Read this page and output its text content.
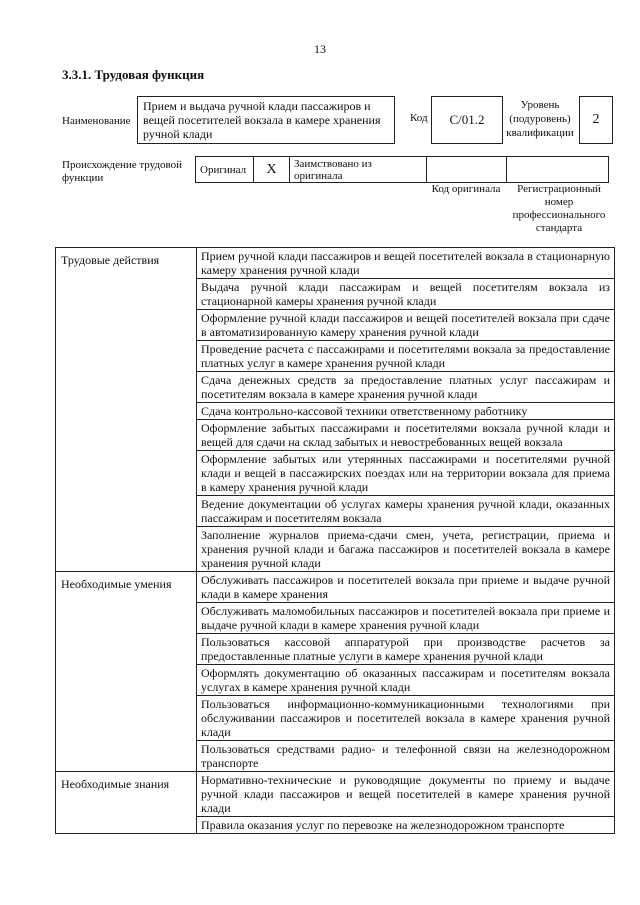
13
3.3.1. Трудовая функция
Наименование
Прием и выдача ручной клади пассажиров и вещей посетителей вокзала в камере хранения ручной клади
Код C/01.2
Уровень (подуровень) квалификации
2
Происхождение трудовой функции
Оригинал	X	Заимствовано из оригинала		
Код оригинала	Регистрационный номер профессионального стандарта
Трудовые действия	Прием ручной клади пассажиров и вещей посетителей вокзала в стационарную камеру хранения ручной клади
	Выдача ручной клади пассажирам и вещей посетителям вокзала из стационарной камеры хранения ручной клади
	Оформление ручной клади пассажиров и вещей посетителей вокзала при сдаче в автоматизированную камеру хранения ручной клади
	Проведение расчета с пассажирами и посетителями вокзала за предоставление платных услуг в камере хранения ручной клади
	Сдача денежных средств за предоставление платных услуг пассажирам и посетителям вокзала в камере хранения ручной клади
	Сдача контрольно-кассовой техники ответственному работнику
	Оформление забытых пассажирами и посетителями вокзала ручной клади и вещей для сдачи на склад забытых и невостребованных вещей вокзала
	Оформление забытых или утерянных пассажирами и посетителями ручной клади и вещей в пассажирских поездах или на территории вокзала для приема в камеру хранения ручной клади
	Ведение документации об услугах камеры хранения ручной клади, оказанных пассажирам и посетителям вокзала
	Заполнение журналов приема-сдачи смен, учета, регистрации, приема и хранения ручной клади и багажа пассажиров и посетителей вокзала в камере хранения ручной клади
Необходимые умения	Обслуживать пассажиров и посетителей вокзала при приеме и выдаче ручной клади в камере хранения
	Обслуживать маломобильных пассажиров и посетителей вокзала при приеме и выдаче ручной клади в камере хранения ручной клади
	Пользоваться кассовой аппаратурой при производстве расчетов за предоставленные платные услуги в камере хранения ручной клади
	Оформлять документацию об оказанных пассажирам и посетителям вокзала услугах в камере хранения ручной клади
	Пользоваться информационно-коммуникационными технологиями при обслуживании пассажиров и посетителей вокзала в камере хранения ручной клади
	Пользоваться средствами радио- и телефонной связи на железнодорожном транспорте
Необходимые знания	Нормативно-технические и руководящие документы по приему и выдаче ручной клади пассажиров и вещей посетителей в камере хранения ручной клади
	Правила оказания услуг по перевозке на железнодорожном транспорте
